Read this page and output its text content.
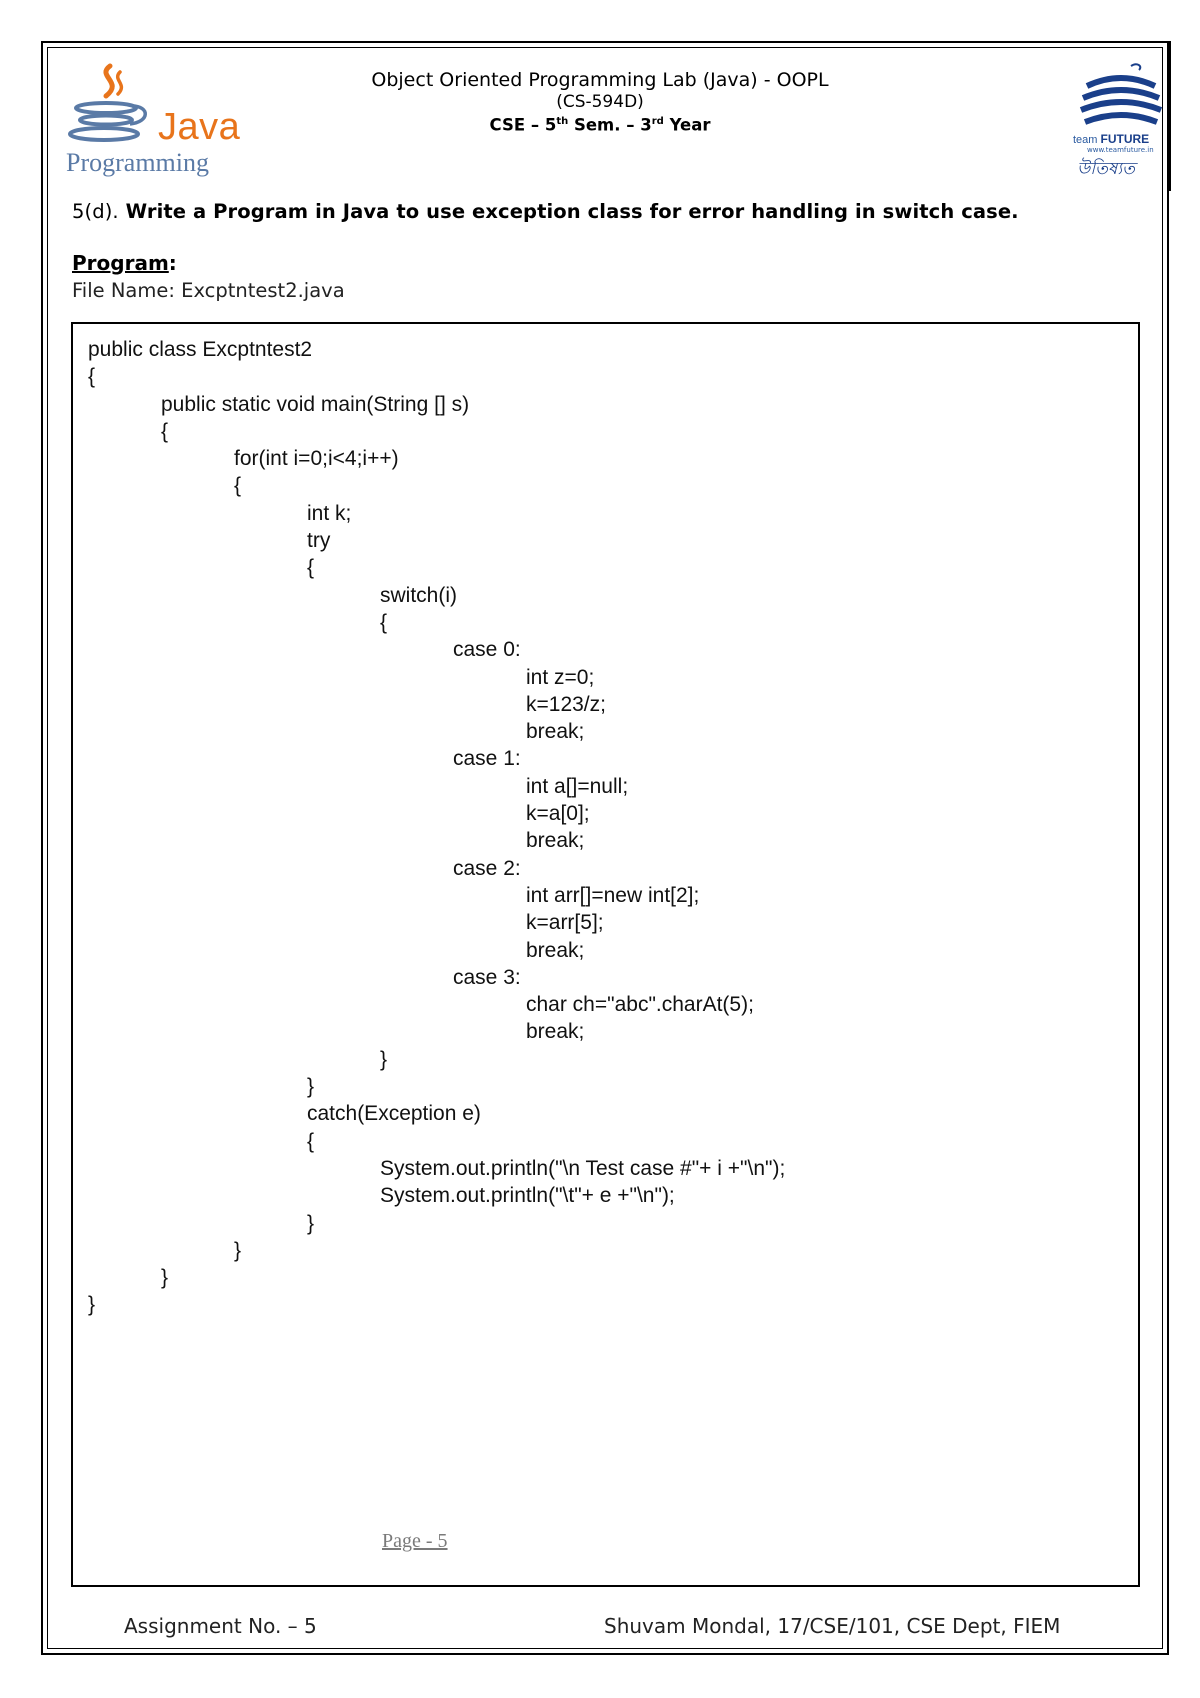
Java
Programming
Object Oriented Programming Lab (Java) - OOPL
(CS-594D)
CSE – 5th Sem. – 3rd Year
team FUTURE
www.teamfuture.in
উতিষ্যত
5(d). Write a Program in Java to use exception class for error handling in switch case.
Program:
File Name: Excptntest2.java
public class Excptntest2
{
public static void main(String [] s)
{
for(int i=0;i<4;i++)
{
int k;
try
{
switch(i)
{
case 0:
int z=0;
k=123/z;
break;
case 1:
int a[]=null;
k=a[0];
break;
case 2:
int arr[]=new int[2];
k=arr[5];
break;
case 3:
char ch="abc".charAt(5);
break;
}
}
catch(Exception e)
{
System.out.println("\n Test case #"+ i +"\n");
System.out.println("\t"+ e +"\n");
}
}
}
}
Page - 5
Assignment No. – 5	Shuvam Mondal, 17/CSE/101, CSE Dept, FIEM
